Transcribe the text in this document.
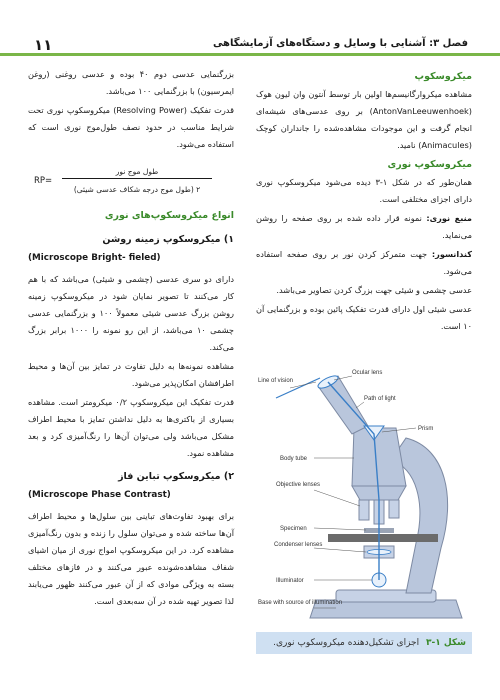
۱۱	فصل ۳: آشنایی با وسایل و دستگاه‌های آزمایشگاهی
میکروسکوپ
مشاهده میکروارگانیسم‌ها اولین بار توسط آنتون وان لیون هوک (AntonVanLeeuwenhoek) بر روی عدسی‌های شیشه‌ای انجام گرفت و این موجودات مشاهده‌شده را جانداران کوچک (Animacules) نامید.
میکروسکوپ نوری
همان‌طور که در شکل ۱-۳ دیده می‌شود میکروسکوپ نوری دارای اجزای مختلفی است.
منبع نوری: نمونه قرار داده شده بر روی صفحه را روشن می‌نماید.
کندانسور: جهت متمرکز کردن نور بر روی صفحه استفاده می‌شود.
عدسی چشمی و شیئی جهت بزرگ کردن تصاویر می‌باشد.
عدسی شیئی اول دارای قدرت تفکیک پائین بوده و بزرگنمایی آن ۱۰ است.
بزرگنمایی عدسی دوم ۴۰ بوده و عدسی روغنی (روغن ایمرسیون) با بزرگنمایی ۱۰۰ می‌باشد.
قدرت تفکیک (Resolving Power) میکروسکوپ نوری تحت شرایط مناسب در حدود نصف طول‌موج نوری است که استفاده می‌شود.
RP=
طول موج نور
۲ (طول موج درجه شکاف عدسی شیئی)
انواع میکروسکوپ‌های نوری
۱) میکروسکوپ زمینه روشن
(Microscope Bright- fieled)
دارای دو سری عدسی (چشمی و شیئی) می‌باشد که با هم کار می‌کنند تا تصویر نمایان شود در میکروسکوپ زمینه روشن بزرگ عدسی شیئی معمولاً ۱۰۰ و بزرگنمایی عدسی چشمی ۱۰ می‌باشد، از این رو نمونه را ۱۰۰۰ برابر بزرگ می‌کند.
مشاهده نمونه‌ها به دلیل تفاوت در تمایز بین آن‌ها و محیط اطرافشان امکان‌پذیر می‌شود.
قدرت تفکیک این میکروسکوپ ۰/۲ میکرومتر است. مشاهده بسیاری از باکتری‌ها به دلیل نداشتن تمایز با محیط اطراف مشکل می‌باشد ولی می‌توان آن‌ها را رنگ‌آمیزی کرد و بعد مشاهده نمود.
۲) میکروسکوپ تباین فاز
(Microscope Phase Contrast)
برای بهبود تفاوت‌های تباینی بین سلول‌ها و محیط اطراف آن‌ها ساخته شده و می‌توان سلول را زنده و بدون رنگ‌آمیزی مشاهده کرد. در این میکروسکوپ امواج نوری از میان اشیای شفاف مشاهده‌شونده عبور می‌کنند و در فازهای مختلف بسته به ویژگی موادی که از آن عبور می‌کنند ظهور می‌یابند لذا تصویر تهیه شده در آن سه‌بعدی است.
Line of vision
Ocular lens
Path of light
Prism
Body tube
Objective lenses
Specimen
Condenser lenses
Illuminator
Base with source of illumination
شکل ۱-۳ اجزای تشکیل‌دهنده میکروسکوپ نوری.
